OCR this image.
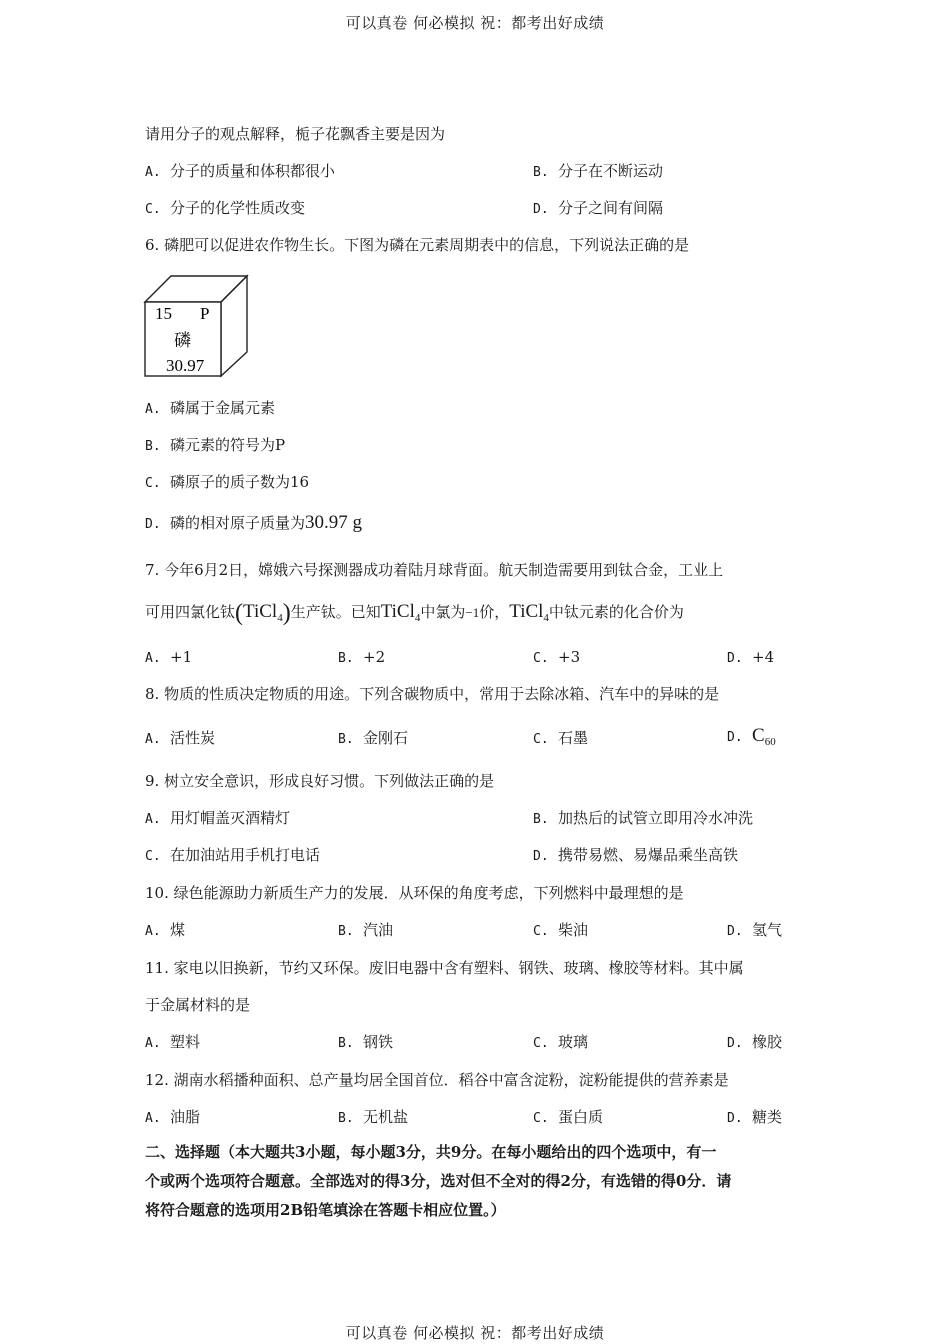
可以真卷 何必模拟 祝：都考出好成绩
可以真卷 何必模拟 祝：都考出好成绩
请用分子的观点解释，栀子花飘香主要是因为
A. 分子的质量和体积都很小	B. 分子在不断运动
C. 分子的化学性质改变	D. 分子之间有间隔
6. 磷肥可以促进农作物生长。下图为磷在元素周期表中的信息，下列说法正确的是
15 P
磷
30.97
A. 磷属于金属元素
B. 磷元素的符号为P
C. 磷原子的质子数为16
D. 磷的相对原子质量为30.97 g
7. 今年6月2日，嫦娥六号探测器成功着陆月球背面。航天制造需要用到钛合金，工业上
可用四氯化钛(TiCl$_4$)生产钛。已知TiCl$_4$中氯为−1价，TiCl$_4$中钛元素的化合价为
A. +1	B. +2	C. +3	D. +4
8. 物质的性质决定物质的用途。下列含碳物质中，常用于去除冰箱、汽车中的异味的是
A. 活性炭	B. 金刚石	C. 石墨	D. $C_{60}$
9. 树立安全意识，形成良好习惯。下列做法正确的是
A. 用灯帽盖灭酒精灯	B. 加热后的试管立即用冷水冲洗
C. 在加油站用手机打电话	D. 携带易燃、易爆品乘坐高铁
10. 绿色能源助力新质生产力的发展．从环保的角度考虑，下列燃料中最理想的是
A. 煤	B. 汽油	C. 柴油	D. 氢气
11. 家电以旧换新，节约又环保。废旧电器中含有塑料、钢铁、玻璃、橡胶等材料。其中属
于金属材料的是
A. 塑料	B. 钢铁	C. 玻璃	D. 橡胶
12. 湖南水稻播种面积、总产量均居全国首位．稻谷中富含淀粉，淀粉能提供的营养素是
A. 油脂	B. 无机盐	C. 蛋白质	D. 糖类
二、选择题（本大题共3小题，每小题3分，共9分。在每小题给出的四个选项中，有一
个或两个选项符合题意。全部选对的得3分，选对但不全对的得2分，有选错的得0分．请
将符合题意的选项用2B铅笔填涂在答题卡相应位置。）
